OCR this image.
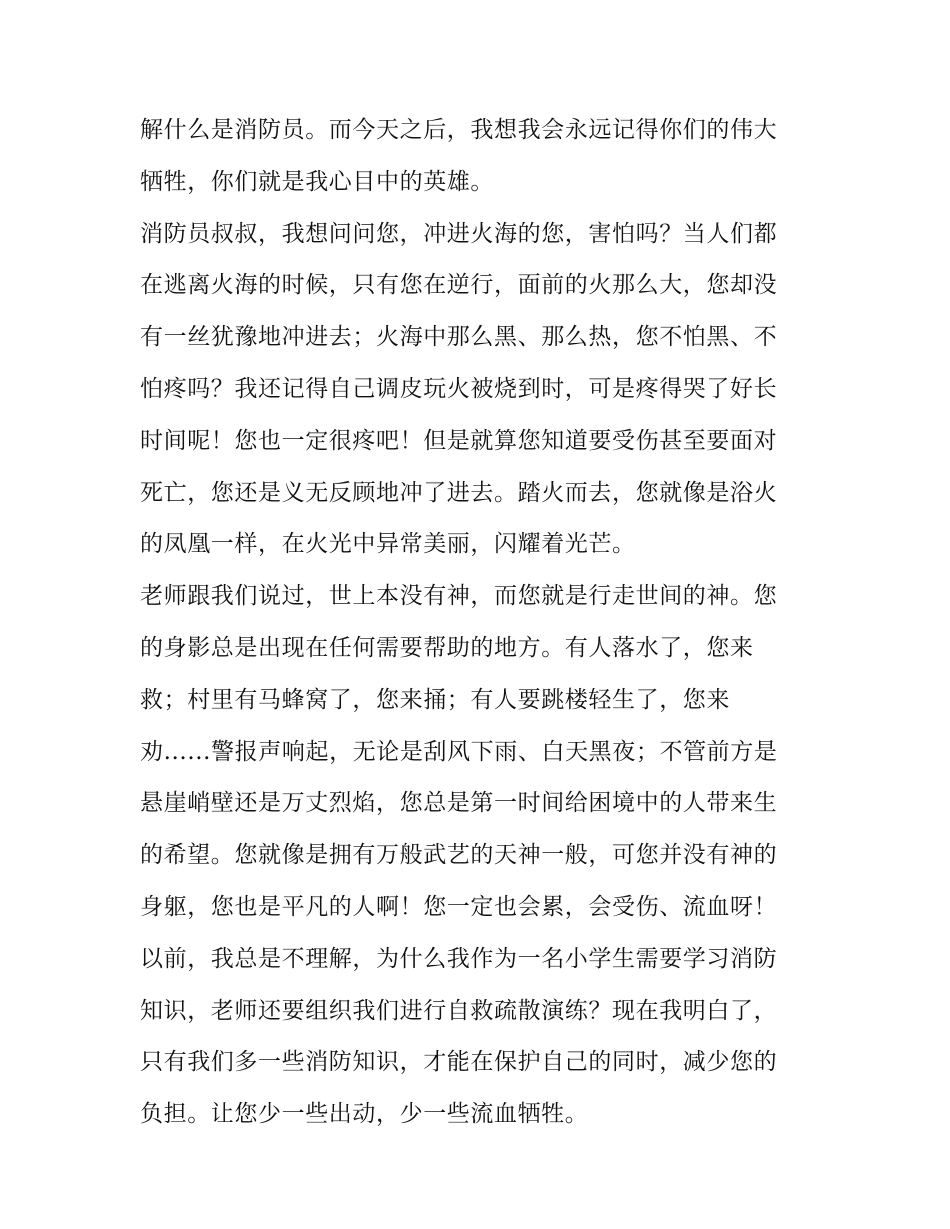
解什么是消防员。而今天之后，我想我会永远记得你们的伟大
牺牲，你们就是我心目中的英雄。
消防员叔叔，我想问问您，冲进火海的您，害怕吗？当人们都
在逃离火海的时候，只有您在逆行，面前的火那么大，您却没
有一丝犹豫地冲进去；火海中那么黑、那么热，您不怕黑、不
怕疼吗？我还记得自己调皮玩火被烧到时，可是疼得哭了好长
时间呢！您也一定很疼吧！但是就算您知道要受伤甚至要面对
死亡，您还是义无反顾地冲了进去。踏火而去，您就像是浴火
的凤凰一样，在火光中异常美丽，闪耀着光芒。
老师跟我们说过，世上本没有神，而您就是行走世间的神。您
的身影总是出现在任何需要帮助的地方。有人落水了，您来
救；村里有马蜂窝了，您来捅；有人要跳楼轻生了，您来
劝......警报声响起，无论是刮风下雨、白天黑夜；不管前方是
悬崖峭壁还是万丈烈焰，您总是第一时间给困境中的人带来生
的希望。您就像是拥有万般武艺的天神一般，可您并没有神的
身躯，您也是平凡的人啊！您一定也会累，会受伤、流血呀！
以前，我总是不理解，为什么我作为一名小学生需要学习消防
知识，老师还要组织我们进行自救疏散演练？现在我明白了，
只有我们多一些消防知识，才能在保护自己的同时，减少您的
负担。让您少一些出动，少一些流血牺牲。
